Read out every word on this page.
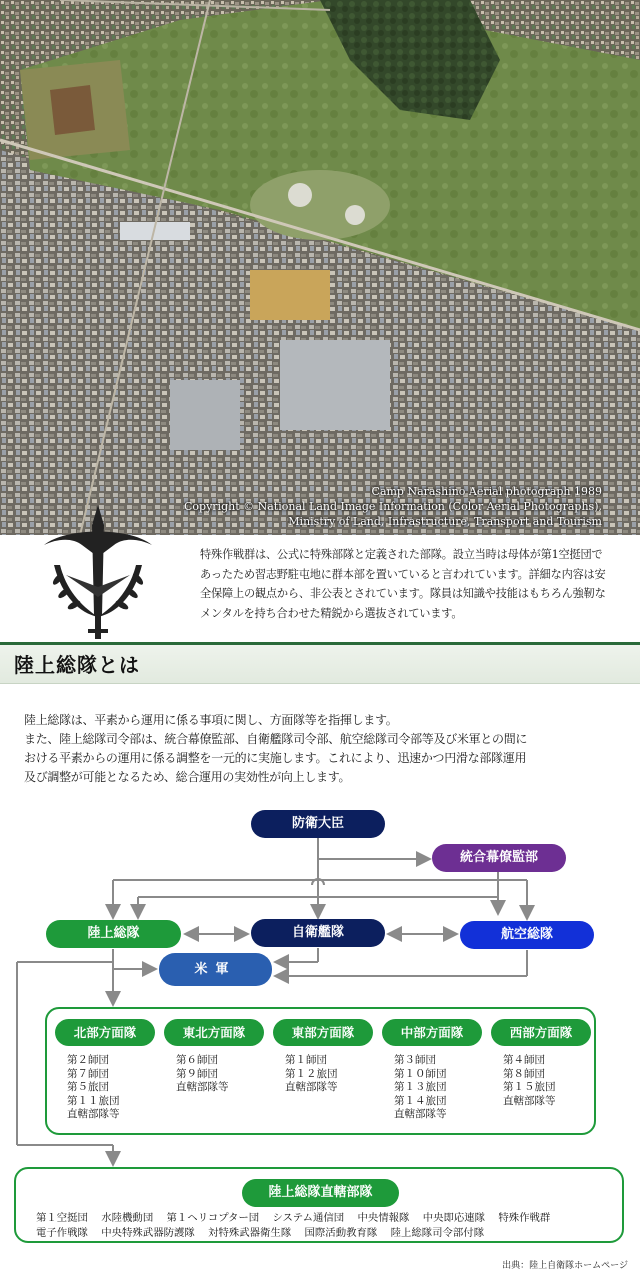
Camp Narashino Aerial photograph 1989
Copyright © National Land Image Information (Color Aerial Photographs),
Ministry of Land, Infrastructure, Transport and Tourism

特殊作戦群は、公式に特殊部隊と定義された部隊。設立当時は母体が第1空挺団であったため習志野駐屯地に群本部を置いていると言われています。詳細な内容は安全保障上の観点から、非公表とされています。隊員は知識や技能はもちろん強靭なメンタルを持ち合わせた精鋭から選抜されています。

陸上総隊とは
陸上総隊は、平素から運用に係る事項に関し、方面隊等を指揮します。
また、陸上総隊司令部は、統合幕僚監部、自衛艦隊司令部、航空総隊司令部等及び米軍との間に
おける平素からの運用に係る調整を一元的に実施します。これにより、迅速かつ円滑な部隊運用
及び調整が可能となるため、総合運用の実効性が向上します。
防衛大臣
統合幕僚監部
陸上総隊	自衛艦隊	航空総隊
米軍
北部方面隊
第２師団
第７師団
第５旅団
第１１旅団
直轄部隊等
東北方面隊
第６師団
第９師団
直轄部隊等
東部方面隊
第１師団
第１２旅団
直轄部隊等
中部方面隊
第３師団
第１０師団
第１３旅団
第１４旅団
直轄部隊等
西部方面隊
第４師団
第８師団
第１５旅団
直轄部隊等
陸上総隊直轄部隊
第１空挺団 水陸機動団 第１ヘリコプター団 システム通信団 中央情報隊 中央即応連隊 特殊作戦群 電子作戦隊 中央特殊武器防護隊 対特殊武器衛生隊 国際活動教育隊 陸上総隊司令部付隊
出典：陸上自衛隊ホームページ
